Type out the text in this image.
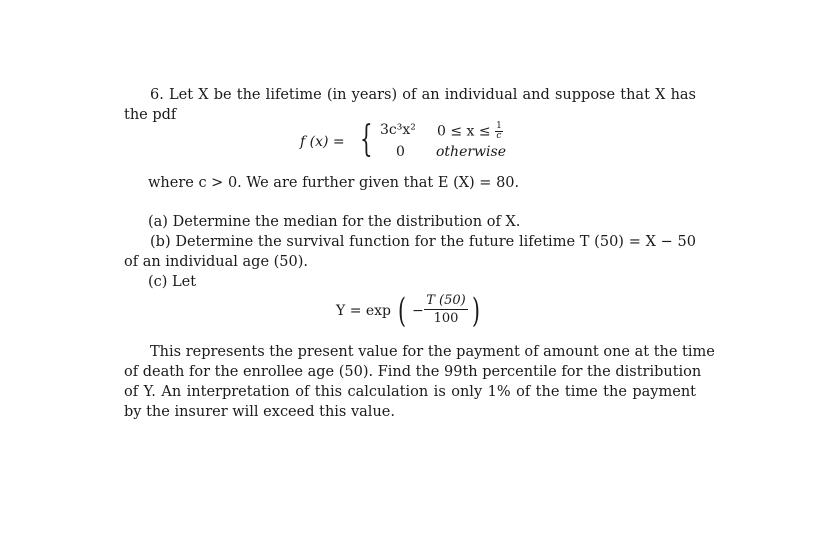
6. Let X be the lifetime (in years) of an individual and suppose that X has
the pdf
f (x) = { 3c³x² $0 \le x \le \frac{1}{c}$
0 otherwise
where c > 0. We are further given that E (X) = 80.
(a) Determine the median for the distribution of X.
(b) Determine the survival function for the future lifetime T (50) = X − 50
of an individual age (50).
(c) Let
Y = exp ( − $\frac{T (50)}{100}$ )
This represents the present value for the payment of amount one at the time
of death for the enrollee age (50). Find the 99th percentile for the distribution
of Y. An interpretation of this calculation is only 1% of the time the payment
by the insurer will exceed this value.
